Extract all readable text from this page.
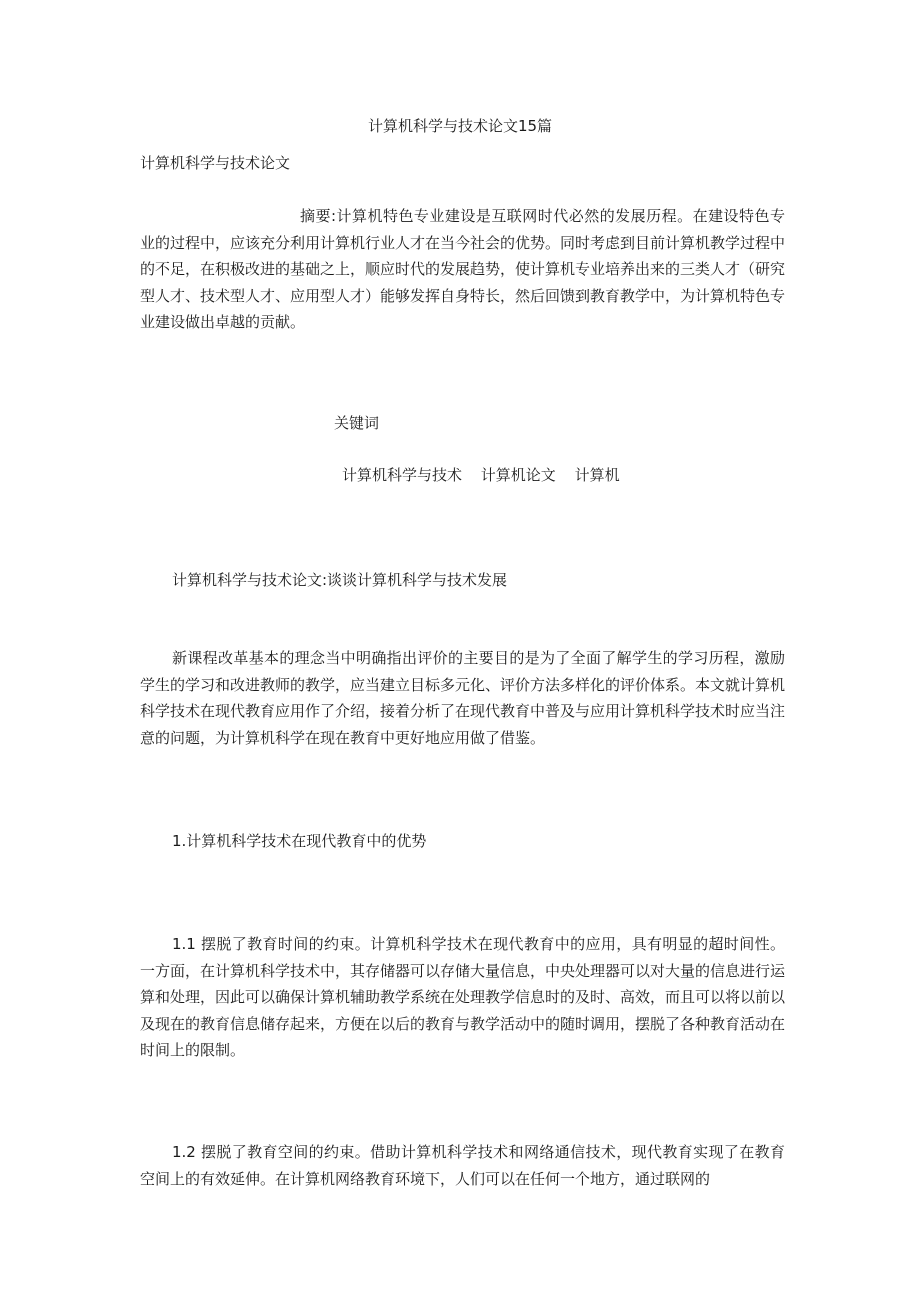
计算机科学与技术论文15篇
计算机科学与技术论文

摘要:计算机特色专业建设是互联网时代必然的发展历程。在建设特色专业的过程中，应该充分利用计算机行业人才在当今社会的优势。同时考虑到目前计算机教学过程中的不足，在积极改进的基础之上，顺应时代的发展趋势，使计算机专业培养出来的三类人才（研究型人才、技术型人才、应用型人才）能够发挥自身特长，然后回馈到教育教学中，为计算机特色专业建设做出卓越的贡献。

关键词
计算机科学与技术 计算机论文 计算机
计算机科学与技术论文:谈谈计算机科学与技术发展

新课程改革基本的理念当中明确指出评价的主要目的是为了全面了解学生的学习历程，激励学生的学习和改进教师的教学，应当建立目标多元化、评价方法多样化的评价体系。本文就计算机科学技术在现代教育应用作了介绍，接着分析了在现代教育中普及与应用计算机科学技术时应当注意的问题，为计算机科学在现在教育中更好地应用做了借鉴。

1.计算机科学技术在现代教育中的优势

1.1 摆脱了教育时间的约束。计算机科学技术在现代教育中的应用，具有明显的超时间性。一方面，在计算机科学技术中，其存储器可以存储大量信息，中央处理器可以对大量的信息进行运算和处理，因此可以确保计算机辅助教学系统在处理教学信息时的及时、高效，而且可以将以前以及现在的教育信息储存起来，方便在以后的教育与教学活动中的随时调用，摆脱了各种教育活动在时间上的限制。

1.2 摆脱了教育空间的约束。借助计算机科学技术和网络通信技术，现代教育实现了在教育空间上的有效延伸。在计算机网络教育环境下，人们可以在任何一个地方，通过联网的
